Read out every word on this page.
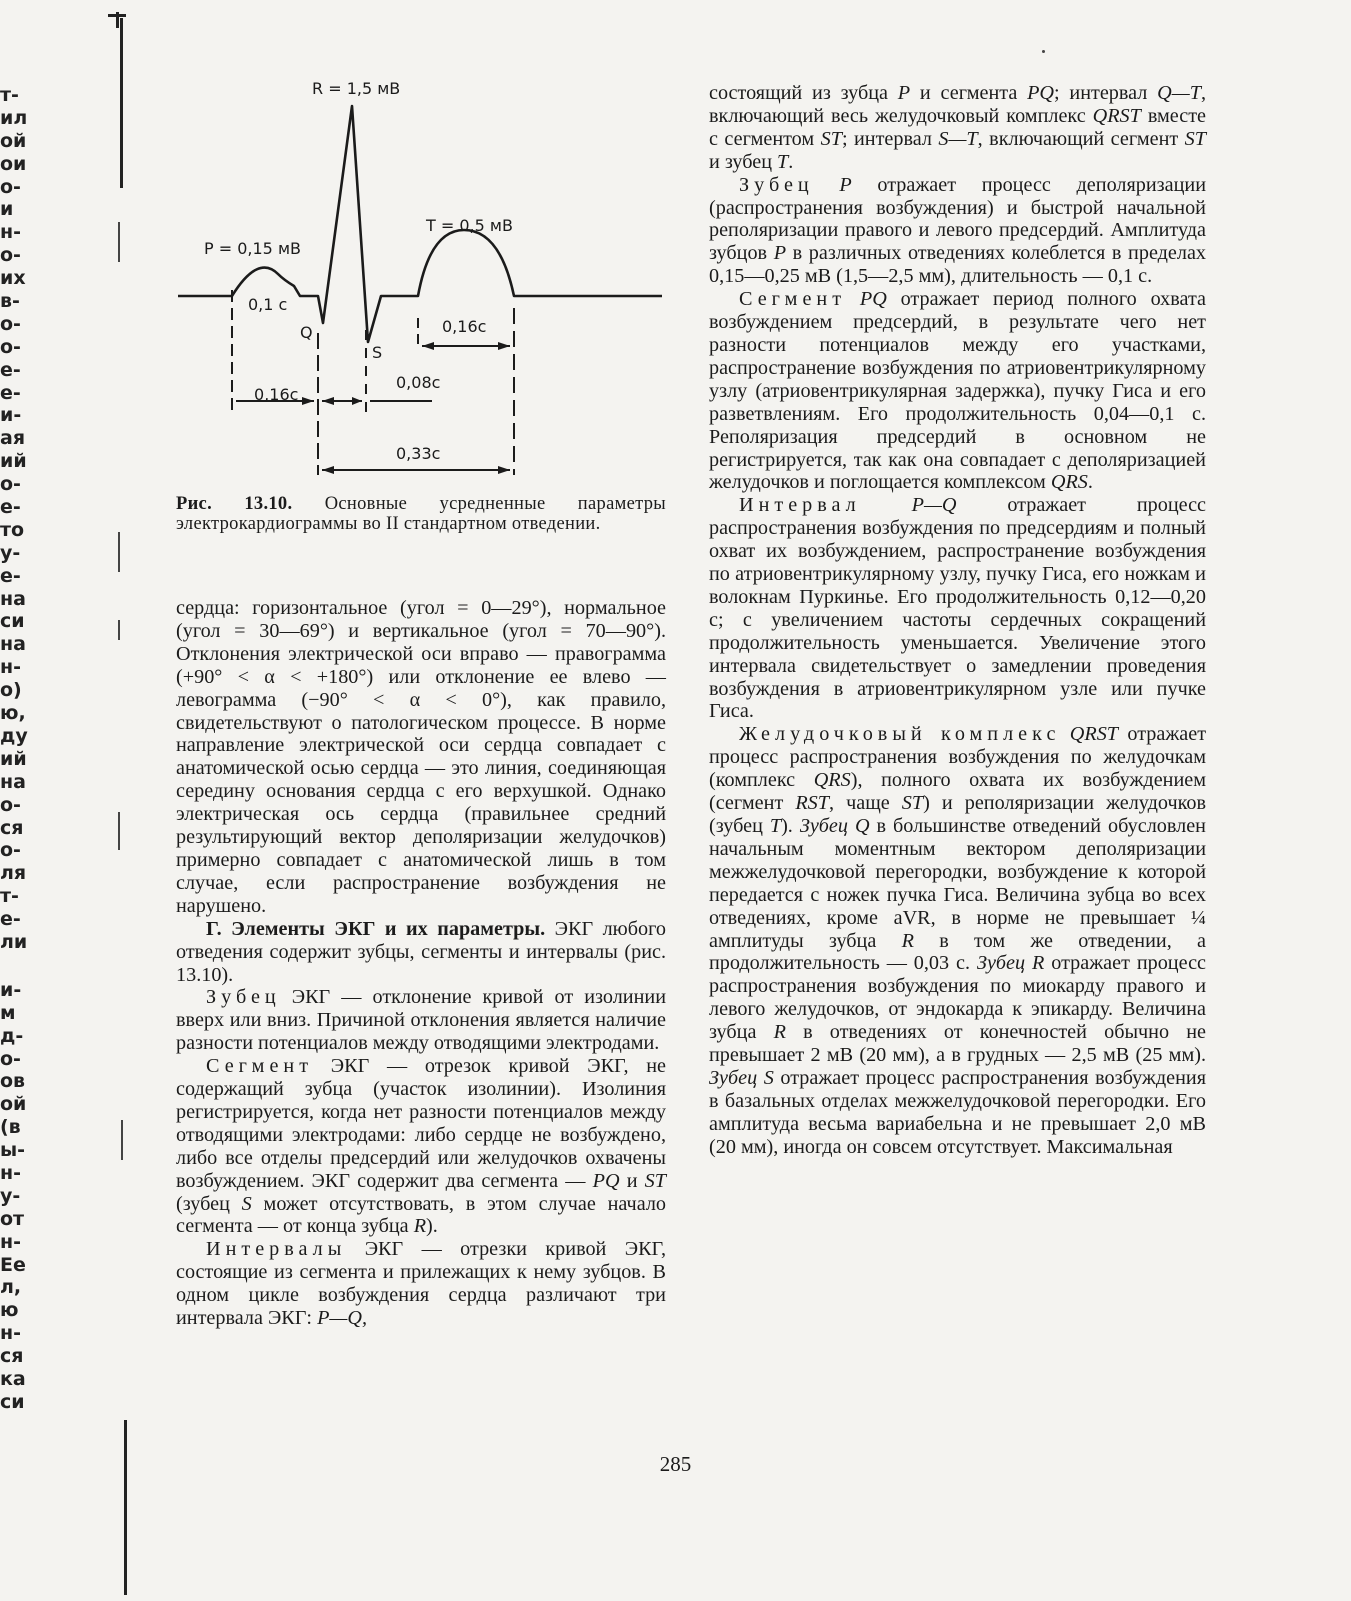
т-
ил
ой
ои
о-
и
н-
о-
их
в-
о-
о-
е-
е-
и-
ая
ий
о-
е-
то
у-
е-
на
си
на
н-
о)
ю,
ду
ий
на
о-
ся
о-
ля
т-
е-
ли
и-
м
д-
о-
ов
ой
(в
ы-
н-
у-
от
н-
Ее
л,
ю
н-
ся
ка
си
R = 1,5 мВ
P = 0,15 мВ
T = 0,5 мВ
0,1 c
Q
S
0,16c
0,16c
0,08c
0,33c
Рис. 13.10. Основные усредненные параметры электрокардиограммы во II стандартном отведении.

сердца: горизонтальное (угол = 0—29°), нормальное (угол = 30—69°) и вертикальное (угол = 70—90°). Отклонения электрической оси вправо — правограмма (+90° < α < +180°) или отклонение ее влево — левограмма (−90° < α < 0°), как правило, свидетельствуют о патологическом процессе. В норме направление электрической оси сердца совпадает с анатомической осью сердца — это линия, соединяющая середину основания сердца с его верхушкой. Однако электрическая ось сердца (правильнее средний результирующий вектор деполяризации желудочков) примерно совпадает с анатомической лишь в том случае, если распространение возбуждения не нарушено.

Г. Элементы ЭКГ и их параметры. ЭКГ любого отведения содержит зубцы, сегменты и интервалы (рис. 13.10).

Зубец ЭКГ — отклонение кривой от изолинии вверх или вниз. Причиной отклонения является наличие разности потенциалов между отводящими электродами.

Сегмент ЭКГ — отрезок кривой ЭКГ, не содержащий зубца (участок изолинии). Изолиния регистрируется, когда нет разности потенциалов между отводящими электродами: либо сердце не возбуждено, либо все отделы предсердий или желудочков охвачены возбуждением. ЭКГ содержит два сегмента — PQ и ST (зубец S может отсутствовать, в этом случае начало сегмента — от конца зубца R).

Интервалы ЭКГ — отрезки кривой ЭКГ, состоящие из сегмента и прилежащих к нему зубцов. В одном цикле возбуждения сердца различают три интервала ЭКГ: P—Q,

состоящий из зубца P и сегмента PQ; интервал Q—T, включающий весь желудочковый комплекс QRST вместе с сегментом ST; интервал S—T, включающий сегмент ST и зубец T.

Зубец P отражает процесс деполяризации (распространения возбуждения) и быстрой начальной реполяризации правого и левого предсердий. Амплитуда зубцов P в различных отведениях колеблется в пределах 0,15—0,25 мВ (1,5—2,5 мм), длительность — 0,1 с.

Сегмент PQ отражает период полного охвата возбуждением предсердий, в результате чего нет разности потенциалов между его участками, распространение возбуждения по атриовентрикулярному узлу (атриовентрикулярная задержка), пучку Гиса и его разветвлениям. Его продолжительность 0,04—0,1 с. Реполяризация предсердий в основном не регистрируется, так как она совпадает с деполяризацией желудочков и поглощается комплексом QRS.

Интервал	P—Q отражает процесс распространения возбуждения по предсердиям и полный охват их возбуждением, распространение возбуждения по атриовентрикулярному узлу, пучку Гиса, его ножкам и волокнам Пуркинье. Его продолжительность 0,12—0,20 с; с увеличением частоты сердечных сокращений продолжительность уменьшается. Увеличение этого интервала свидетельствует о замедлении проведения возбуждения в атриовентрикулярном узле или пучке Гиса.

Желудочковый комплекс QRST отражает процесс распространения возбуждения по желудочкам (комплекс QRS), полного охвата их возбуждением (сегмент RST, чаще ST) и реполяризации желудочков (зубец T). Зубец Q в большинстве отведений обусловлен начальным моментным вектором деполяризации межжелудочковой перегородки, возбуждение к которой передается с ножек пучка Гиса. Величина зубца во всех отведениях, кроме aVR, в норме не превышает ¼ амплитуды зубца R в том же отведении, а продолжительность — 0,03 с. Зубец R отражает процесс распространения возбуждения по миокарду правого и левого желудочков, от эндокарда к эпикарду. Величина зубца R в отведениях от конечностей обычно не превышает 2 мВ (20 мм), а в грудных — 2,5 мВ (25 мм). Зубец S отражает процесс распространения возбуждения в базальных отделах межжелудочковой перегородки. Его амплитуда весьма вариабельна и не превышает 2,0 мВ (20 мм), иногда он совсем отсутствует. Максимальная

285
